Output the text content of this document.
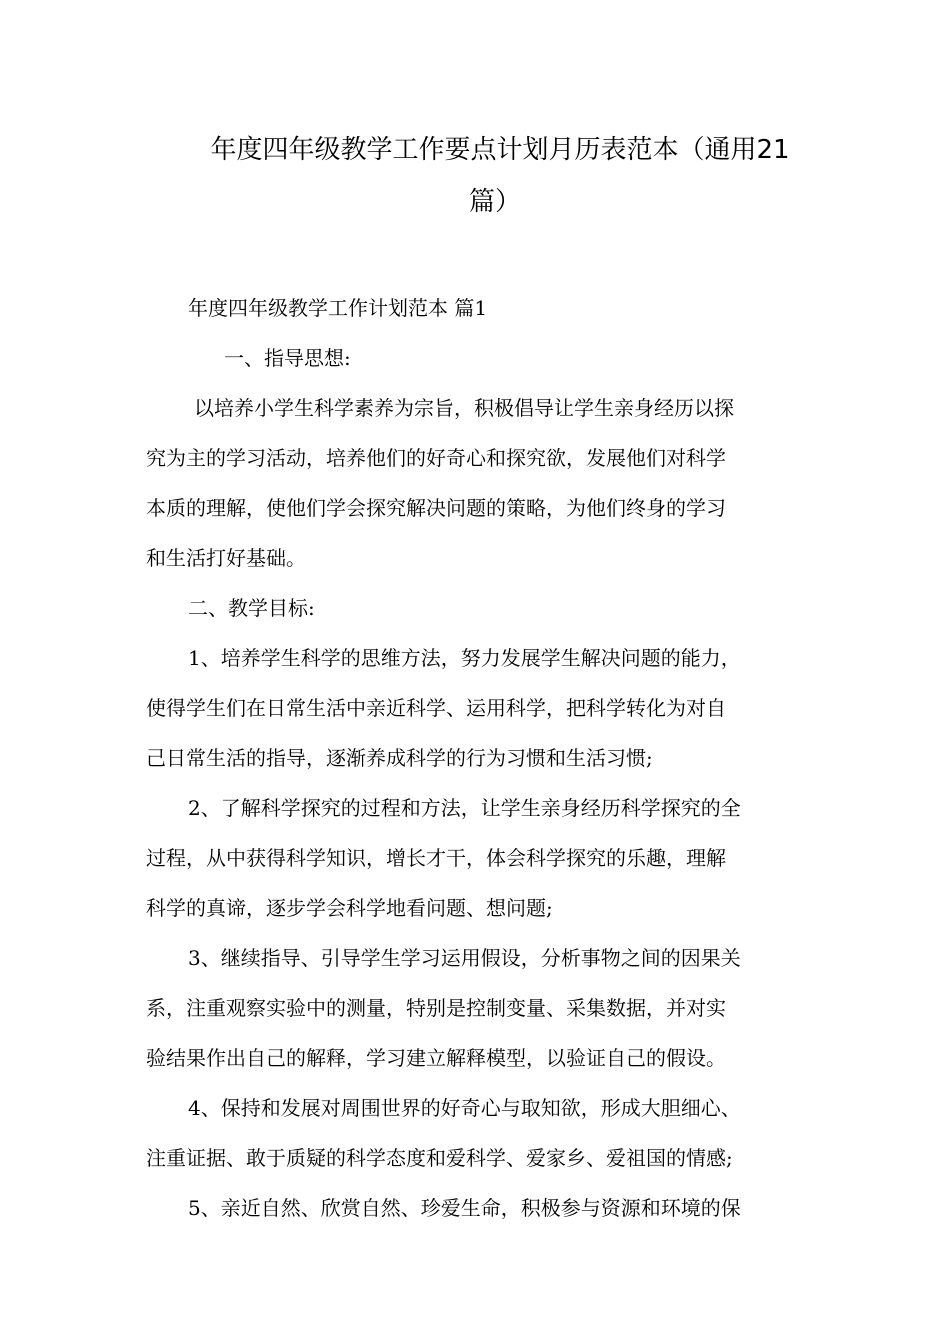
年度四年级教学工作要点计划月历表范本（通用21
篇）

年度四年级教学工作计划范本 篇1

一、指导思想:

以培养小学生科学素养为宗旨，积极倡导让学生亲身经历以探
究为主的学习活动，培养他们的好奇心和探究欲，发展他们对科学
本质的理解，使他们学会探究解决问题的策略，为他们终身的学习
和生活打好基础。

二、教学目标:

1、培养学生科学的思维方法，努力发展学生解决问题的能力，
使得学生们在日常生活中亲近科学、运用科学，把科学转化为对自
己日常生活的指导，逐渐养成科学的行为习惯和生活习惯;
2、了解科学探究的过程和方法，让学生亲身经历科学探究的全
过程，从中获得科学知识，增长才干，体会科学探究的乐趣，理解
科学的真谛，逐步学会科学地看问题、想问题;
3、继续指导、引导学生学习运用假设，分析事物之间的因果关
系，注重观察实验中的测量，特别是控制变量、采集数据，并对实
验结果作出自己的解释，学习建立解释模型，以验证自己的假设。
4、保持和发展对周围世界的好奇心与取知欲，形成大胆细心、
注重证据、敢于质疑的科学态度和爱科学、爱家乡、爱祖国的情感;
5、亲近自然、欣赏自然、珍爱生命，积极参与资源和环境的保
